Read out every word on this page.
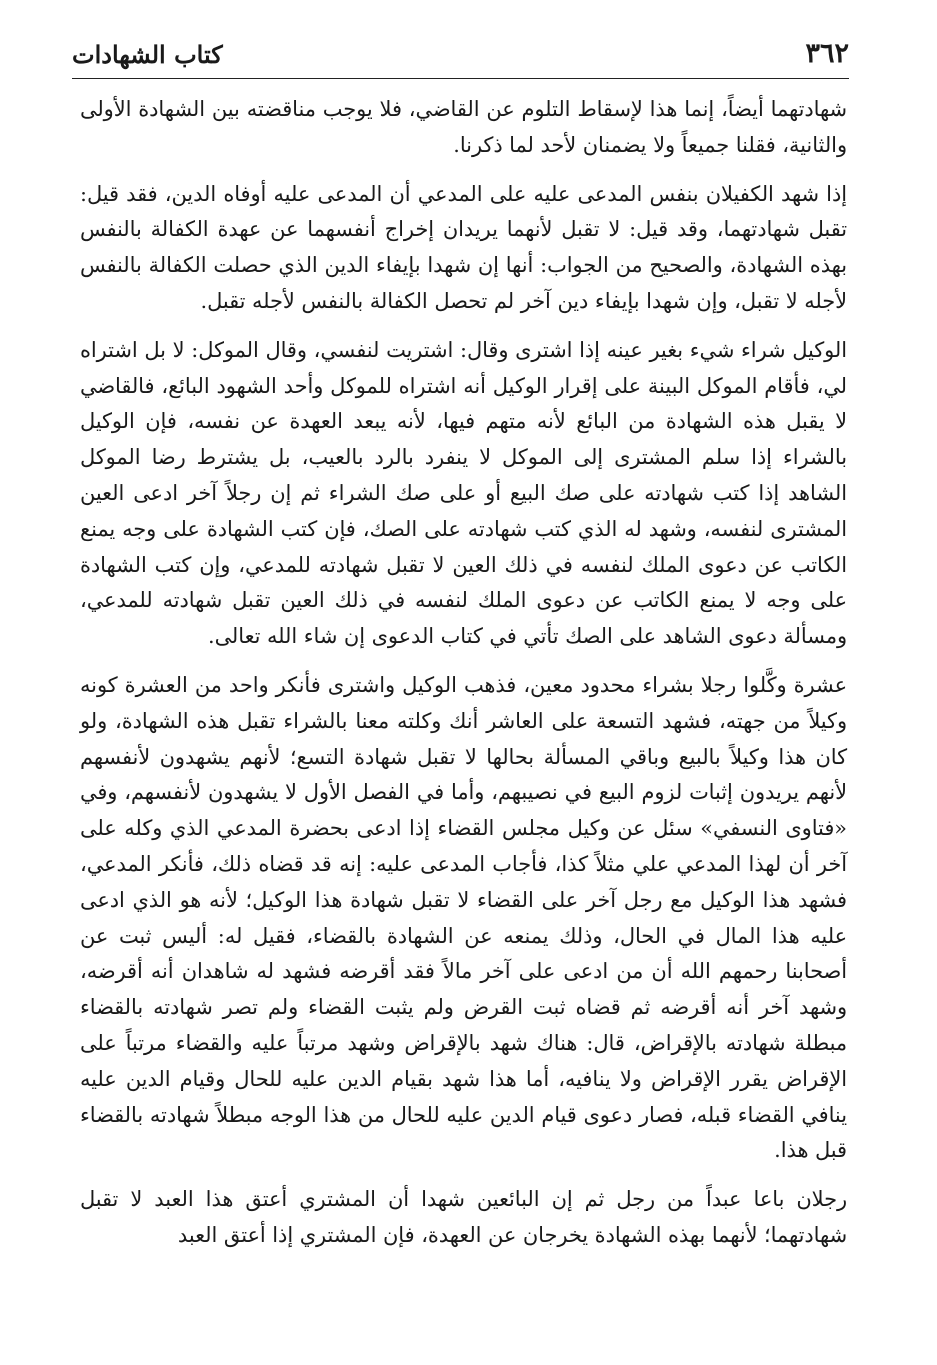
٣٦٢
كتاب الشهادات

شهادتهما أيضاً، إنما هذا لإسقاط التلوم عن القاضي، فلا يوجب مناقضته بين الشهادة الأولى والثانية، فقلنا جميعاً ولا يضمنان لأحد لما ذكرنا.

إذا شهد الكفيلان بنفس المدعى عليه على المدعي أن المدعى عليه أوفاه الدين، فقد قيل: تقبل شهادتهما، وقد قيل: لا تقبل لأنهما يريدان إخراج أنفسهما عن عهدة الكفالة بالنفس بهذه الشهادة، والصحيح من الجواب: أنها إن شهدا بإيفاء الدين الذي حصلت الكفالة بالنفس لأجله لا تقبل، وإن شهدا بإيفاء دين آخر لم تحصل الكفالة بالنفس لأجله تقبل.

الوكيل شراء شيء بغير عينه إذا اشترى وقال: اشتريت لنفسي، وقال الموكل: لا بل اشتراه لي، فأقام الموكل البينة على إقرار الوكيل أنه اشتراه للموكل وأحد الشهود البائع، فالقاضي لا يقبل هذه الشهادة من البائع لأنه متهم فيها، لأنه يبعد العهدة عن نفسه، فإن الوكيل بالشراء إذا سلم المشترى إلى الموكل لا ينفرد بالرد بالعيب، بل يشترط رضا الموكل الشاهد إذا كتب شهادته على صك البيع أو على صك الشراء ثم إن رجلاً آخر ادعى العين المشترى لنفسه، وشهد له الذي كتب شهادته على الصك، فإن كتب الشهادة على وجه يمنع الكاتب عن دعوى الملك لنفسه في ذلك العين لا تقبل شهادته للمدعي، وإن كتب الشهادة على وجه لا يمنع الكاتب عن دعوى الملك لنفسه في ذلك العين تقبل شهادته للمدعي، ومسألة دعوى الشاهد على الصك تأتي في كتاب الدعوى إن شاء الله تعالى.

عشرة وكَّلوا رجلا بشراء محدود معين، فذهب الوكيل واشترى فأنكر واحد من العشرة كونه وكيلاً من جهته، فشهد التسعة على العاشر أنك وكلته معنا بالشراء تقبل هذه الشهادة، ولو كان هذا وكيلاً بالبيع وباقي المسألة بحالها لا تقبل شهادة التسع؛ لأنهم يشهدون لأنفسهم لأنهم يريدون إثبات لزوم البيع في نصيبهم، وأما في الفصل الأول لا يشهدون لأنفسهم، وفي «فتاوى النسفي» سئل عن وكيل مجلس القضاء إذا ادعى بحضرة المدعي الذي وكله على آخر أن لهذا المدعي علي مثلاً كذا، فأجاب المدعى عليه: إنه قد قضاه ذلك، فأنكر المدعي، فشهد هذا الوكيل مع رجل آخر على القضاء لا تقبل شهادة هذا الوكيل؛ لأنه هو الذي ادعى عليه هذا المال في الحال، وذلك يمنعه عن الشهادة بالقضاء، فقيل له: أليس ثبت عن أصحابنا رحمهم الله أن من ادعى على آخر مالاً فقد أقرضه فشهد له شاهدان أنه أقرضه، وشهد آخر أنه أقرضه ثم قضاه ثبت القرض ولم يثبت القضاء ولم تصر شهادته بالقضاء مبطلة شهادته بالإقراض، قال: هناك شهد بالإقراض وشهد مرتباً عليه والقضاء مرتباً على الإقراض يقرر الإقراض ولا ينافيه، أما هذا شهد بقيام الدين عليه للحال وقيام الدين عليه ينافي القضاء قبله، فصار دعوى قيام الدين عليه للحال من هذا الوجه مبطلاً شهادته بالقضاء قبل هذا.

رجلان باعا عبداً من رجل ثم إن البائعين شهدا أن المشتري أعتق هذا العبد لا تقبل شهادتهما؛ لأنهما بهذه الشهادة يخرجان عن العهدة، فإن المشتري إذا أعتق العبد
